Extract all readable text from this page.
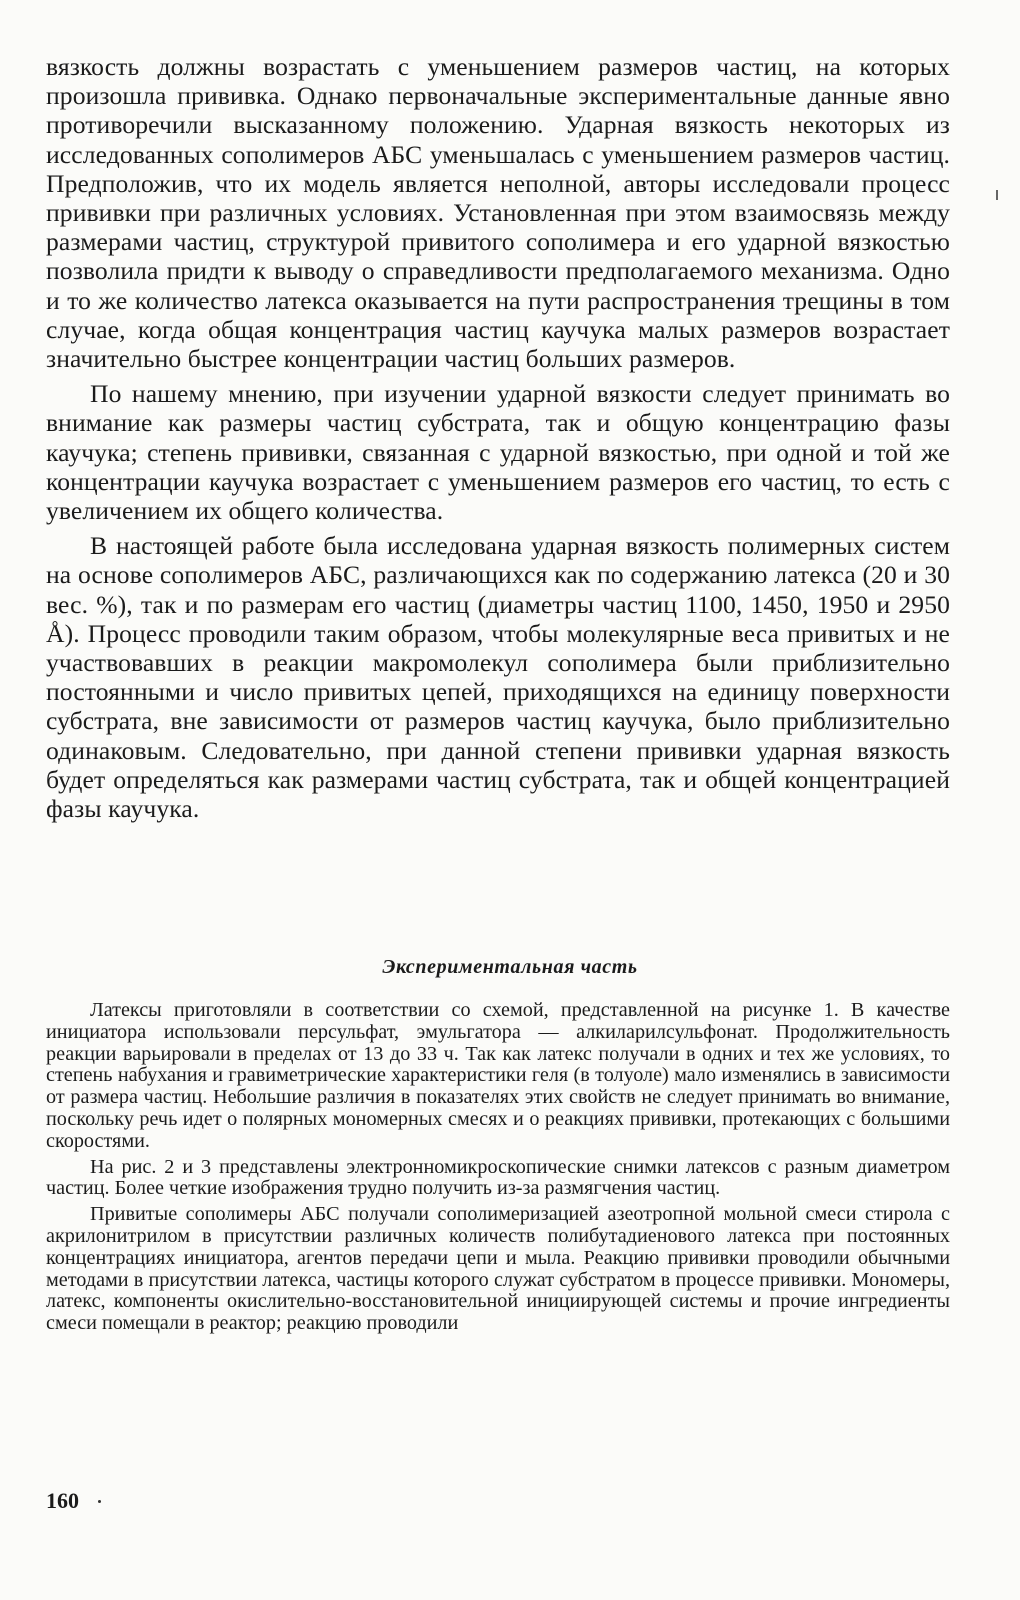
вязкость должны возрастать с уменьшением размеров частиц, на которых произошла прививка. Однако первоначальные экспериментальные данные явно противоречили высказанному положению. Ударная вязкость некоторых из исследованных сополимеров АБС уменьшалась с уменьшением размеров частиц. Предположив, что их модель является неполной, авторы исследовали процесс прививки при различных условиях. Установленная при этом взаимосвязь между размерами частиц, структурой привитого сополимера и его ударной вязкостью позволила придти к выводу о справедливости предполагаемого механизма. Одно и то же количество латекса оказывается на пути распространения трещины в том случае, когда общая концентрация частиц каучука малых размеров возрастает значительно быстрее концентрации частиц больших размеров.

По нашему мнению, при изучении ударной вязкости следует принимать во внимание как размеры частиц субстрата, так и общую концентрацию фазы каучука; степень прививки, связанная с ударной вязкостью, при одной и той же концентрации каучука возрастает с уменьшением размеров его частиц, то есть с увеличением их общего количества.

В настоящей работе была исследована ударная вязкость полимерных систем на основе сополимеров АБС, различающихся как по содержанию латекса (20 и 30 вес. %), так и по размерам его частиц (диаметры частиц 1100, 1450, 1950 и 2950 Å). Процесс проводили таким образом, чтобы молекулярные веса привитых и не участвовавших в реакции макромолекул сополимера были приблизительно постоянными и число привитых цепей, приходящихся на единицу поверхности субстрата, вне зависимости от размеров частиц каучука, было приблизительно одинаковым. Следовательно, при данной степени прививки ударная вязкость будет определяться как размерами частиц субстрата, так и общей концентрацией фазы каучука.

Экспериментальная часть

Латексы приготовляли в соответствии со схемой, представленной на рисунке 1. В качестве инициатора использовали персульфат, эмульгатора — алкиларилсульфонат. Продолжительность реакции варьировали в пределах от 13 до 33 ч. Так как латекс получали в одних и тех же условиях, то степень набухания и гравиметрические характеристики геля (в толуоле) мало изменялись в зависимости от размера частиц. Небольшие различия в показателях этих свойств не следует принимать во внимание, поскольку речь идет о полярных мономерных смесях и о реакциях прививки, протекающих с большими скоростями.

На рис. 2 и 3 представлены электронномикроскопические снимки латексов с разным диаметром частиц. Более четкие изображения трудно получить из-за размягчения частиц.

Привитые сополимеры АБС получали сополимеризацией азеотропной мольной смеси стирола с акрилонитрилом в присутствии различных количеств полибутадиенового латекса при постоянных концентрациях инициатора, агентов передачи цепи и мыла. Реакцию прививки проводили обычными методами в присутствии латекса, частицы которого служат субстратом в процессе прививки. Мономеры, латекс, компоненты окислительно-восстановительной инициирующей системы и прочие ингредиенты смеси помещали в реактор; реакцию проводили

160
